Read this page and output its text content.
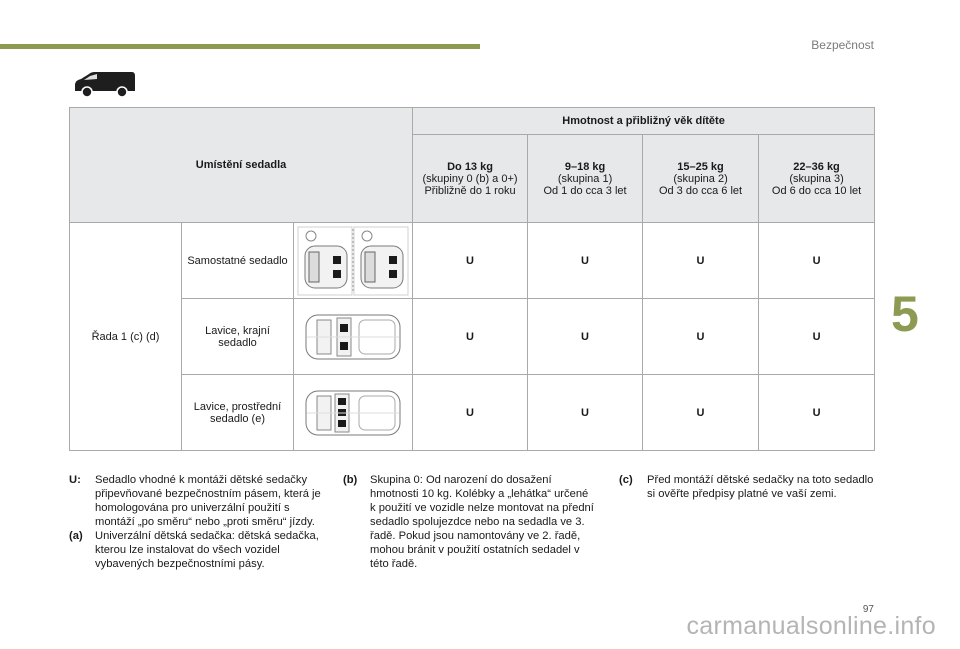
Bezpečnost
5
Umístění sedadla			Hmotnost a přibližný věk dítěte			

			Do 13 kg
(skupiny 0 (b) a 0+)
Přibližně do 1 roku	9–18 kg
(skupina 1)
Od 1 do cca 3 let	15–25 kg
(skupina 2)
Od 3 do cca 6 let	22–36 kg
(skupina 3)
Od 6 do cca 10 let

Řada 1 (c) (d)	Samostatné sedadlo		U	U	U	U
	Lavice, krajní sedadlo		U	U	U	U
	Lavice, prostřední sedadlo (e)		U	U	U	U
U:	Sedadlo vhodné k montáži dětské sedačky připevňované bezpečnostním pásem, která je homologována pro univerzální použití s montáží „po směru“ nebo „proti směru“ jízdy.
(a)	Univerzální dětská sedačka: dětská sedačka, kterou lze instalovat do všech vozidel vybavených bezpečnostními pásy.
(b)	Skupina 0: Od narození do dosažení hmotnosti 10 kg. Kolébky a „lehátka“ určené k použití ve vozidle nelze montovat na přední sedadlo spolujezdce nebo na sedadla ve 3. řadě. Pokud jsou namontovány ve 2. řadě, mohou bránit v použití ostatních sedadel v této řadě.
(c)	Před montáží dětské sedačky na toto sedadlo si ověřte předpisy platné ve vaší zemi.
97
carmanualsonline.info
